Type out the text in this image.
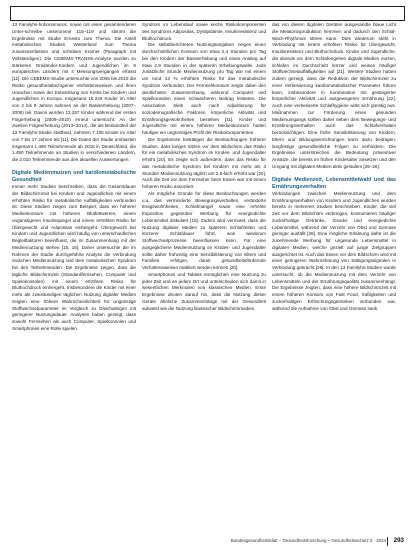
13 Familyhs-hohonomarus. sowie ont eisen gesamtenderen Unter-schreibe unserumme 115–119 und stimmt die Ergebnisse mit Studie Ernesto zum Thema. Die Anteil metabolisches Studien Westerland zum Thema zusammenfassen und scheiben Kramer (Paragraph mit Vollständigen). Die CEBEMS-TRANSE-Analyse wurden zu stärkeren Dreiländer-Kindern und Jugendlichen im 9 europäischen Ländern mit 4 Messungsvergängen erfasst [11]. Die CEBEMS-Studie untersuchte von 2006 bis 2015 die Risiko gesundheitsbezogener Verhaltensweisen und ihren Ursachen sowie der Entwicklung von Krebs bei Kindern und Jugendlichen in Europa. Insgesamt 16.225 Kinder im Alter von 2 bis 9 Jahren nahmen an der Basiserhebung (2007–2008) teil. Davon wurden 13.257 Kinder während der ersten Folgerhebung (2009–2010) erneut untersucht. An der zweiten Folgeerhebung (2013–2014), die als Bestandteil der 13 Familyhs-Studie stattfand, nahmen 7.105 Kinder im Alter von 7 bis 17 Jahren teil [11]. Die Daten der Studie umfassten insgesamt 1.490 Teilnehmende ab 2016 in Deutschland, die 1.490 Teilnehmende an Studien in verschiedenen Ländern, die 2.010 Teilnehmende aus den aktuellen Auswertungen.

Digitale Medienmutzen und kardiometabolische Gesundheit

Immer mehr Studien beschreiben, dass die Gesamtdauer der Bildschirmzeit bei Kindern und Jugendlichen mit einem erhöhten Risiko für metabolische Auffälligkeiten verbunden ist. Diese Studien zeigen zum Beispiel, dass ein höherer Medienkonsum mit höheren Blutfettwerten, einem ungünstigeren Insulinspiegel und einem erhöhten Risiko für Übergewicht und Adipositas einhergeht. Übergewicht bei Kindern und Jugendlichen wird häufig von unterschiedlichen Begleitfaktoren beeinflusst, die im Zusammenhang mit der Mediennutzung stehen [15, 18]. Daher untersuchte die im Rahmen der Studie durchgeführte Analyse die Verbindung zwischen Mediennutzung und dem metabolischen Syndrom bei den Teilnehmenden. Die Ergebnisse zeigen, dass die tägliche Bildschirmzeit (Standardfernsehen, Computer und Spielekonsolen) mit einem erhöhten Risiko für Bluthochdruck einhergeht. Insbesondere die Kinder mit einer mehr als zweistündigen täglichen Nutzung digitaler Medien zeigten eine höhere Wahrscheinlichkeit für ungünstige Stoffwechselparameter im Vergleich zu Gleichaltrigen mit geringerer Nutzungsdauer. Analysen haben gezeigt, dass sowohl Fernsehen als auch Computer, Spielkonsolen und Smartphones eine Rolle spielen.

Syndrom im Lebenslauf sowie sechs Risikokomponenten des Syndroms Adipositas, Dyslipidämie, Insulinresistenz und Bluthochdruck.

Die selbstberichteten Nutzungsangaben zeigen einen durchschnittlichen Konsum von etwa 2,4 Stunden pro Tag bei den Kindern der Basiserhebung und einen Anstieg auf etwa 2,9 Stunden in der späteren Erhebungswelle. Jede zusätzliche Stunde Mediennutzung pro Tag war mit einem um rund 13 % erhöhten Risiko für das metabolische Syndrom verbunden. Der Fernsehkonsum zeigte dabei den deutlichsten Zusammenhang, während Computer und Spielkonsolen einen schwächeren Beitrag leisteten. Die Assoziation blieb auch nach Adjustierung für soziodemografische Faktoren, körperliche Aktivität und Ernährungsgewohnheiten bestehen [11]. Kinder und Jugendliche mit einem höheren Medienkonsum hatten häufiger ein ungünstiges Profil der Risikokomponenten.

Die Ergebnisse bestätigen die Beobachtungen früherer Studien, dass langes Sitzen vor dem Bildschirm das Risiko für ein metabolisches Syndrom im Kindes- und Jugendalter erhöht [20]. Es zeigte sich außerdem, dass das Risiko für das metabolische Syndrom bei Kindern mit mehr als 3 Stunden Mediennutzung täglich um 2,6-fach erhöht war [20]. Auch die Zeit vor dem Fernseher beim Essen war mit einem höheren Risiko assoziiert.

Als mögliche Gründe für diese Beobachtungen werden u.a. das verminderte Bewegungsverhalten, veränderte Essgewohnheiten, Schlafmangel sowie eine erhöhte Exposition gegenüber Werbung für energiedichte Lebensmittel diskutiert [18]. Zudem wird vermutet, dass die Nutzung digitaler Medien zu späteren Schlafzeiten und kürzerer Schlafdauer führt, was wiederum Stoffwechselprozesse beeinflussen kann. Für eine ausgeglichene Mediennutzung im Kindes- und Jugendalter sollte daher frühzeitig eine Sensibilisierung von Eltern und Familien erfolgen, damit gesundheitsfördernde Verhaltensweisen etabliert werden können [20].

Smartphones und Tablets ermöglichen eine Nutzung zu jeder Zeit und an jedem Ort und unterscheiden sich damit in wesentlichen Merkmalen von klassischen Medien. Erste Ergebnisse deuten darauf hin, dass die Nutzung dieser Geräte ähnliche Zusammenhänge mit der Gesundheit aufweist wie die Nutzung klassischer Bildschirmmedien.

das von diesen digitalen Geräten ausgesandte blaue Licht die Melatoninproduktion hemmen und dadurch den Schlaf-Wach-Rhythmus stören kann. Dies wiederum steht in Verbindung mit einem erhöhten Risiko für Übergewicht, Insulinresistenz und Bluthochdruck. Kinder und Jugendliche, die abends vor dem Schlafengehen digitale Medien nutzen, schlafen im Durchschnitt kürzer und weisen häufiger Stoffwechselauffälligkeiten auf [21]. Weitere Studien haben zudem gezeigt, dass die Reduktion der Bildschirmzeit zu einer Verbesserung kardiometabolischer Parameter führen kann, insbesondere in Kombination mit gesteigerter körperlicher Aktivität und ausgewogener Ernährung [22]. Auch eine verbesserte Schlafhygiene wirkt sich günstig aus. Maßnahmen zur Förderung eines gesunden Medienumgangs sollten daher neben dem Bewegungs- und Ernährungsverhalten auch das Schlafverhalten berücksichtigen. Eine frühe Sensibilisierung von Kindern, Eltern und Bildungseinrichtungen kann dazu beitragen, langfristige gesundheitliche Folgen zu verhindern. Die Ergebnisse unterstreichen die Bedeutung präventiver Ansätze, die bereits im frühen Kindesalter ansetzen und den Umgang mit digitalen Medien aktiv gestalten [25–26].

Digitale Medienzeit, Lebensmittelwahl und das Ernährungsverhalten

Verbindungen zwischen Mediennutzung und dem Ernährungsverhalten von Kindern und Jugendlichen wurden bereits in mehreren Studien beschrieben. Kinder, die viel Zeit vor dem Bildschirm verbringen, konsumieren häufiger zuckerhaltige Getränke, Snacks und energiedichte Lebensmittel, während der Verzehr von Obst und Gemüse geringer ausfällt [28]. Eine mögliche Erklärung dafür ist die zunehmende Werbung für ungesunde Lebensmittel in digitalen Medien, welche gezielt auf junge Zielgruppen ausgerichtet ist. Auch das Essen vor dem Bildschirm wird mit einer geringeren Wahrnehmung von Sättigungssignalen in Verbindung gebracht [28]. In den 13 Familyhs-Studien wurde untersucht, ob die Mediennutzung mit dem Verzehr von Lebensmitteln und der Ernährungsqualität zusammenhängt. Die Ergebnisse zeigten, dass eine höhere Bildschirmzeit mit einem höheren Konsum von Fast Food, Süßigkeiten und zuckerhaltigen Erfrischungsgetränken verbunden war, während die Aufnahme von Obst und Gemüse sank.

Bundesgesundheitsblatt – Gesundheitsforschung – Gesundheitsschutz 3 · 2024 293
